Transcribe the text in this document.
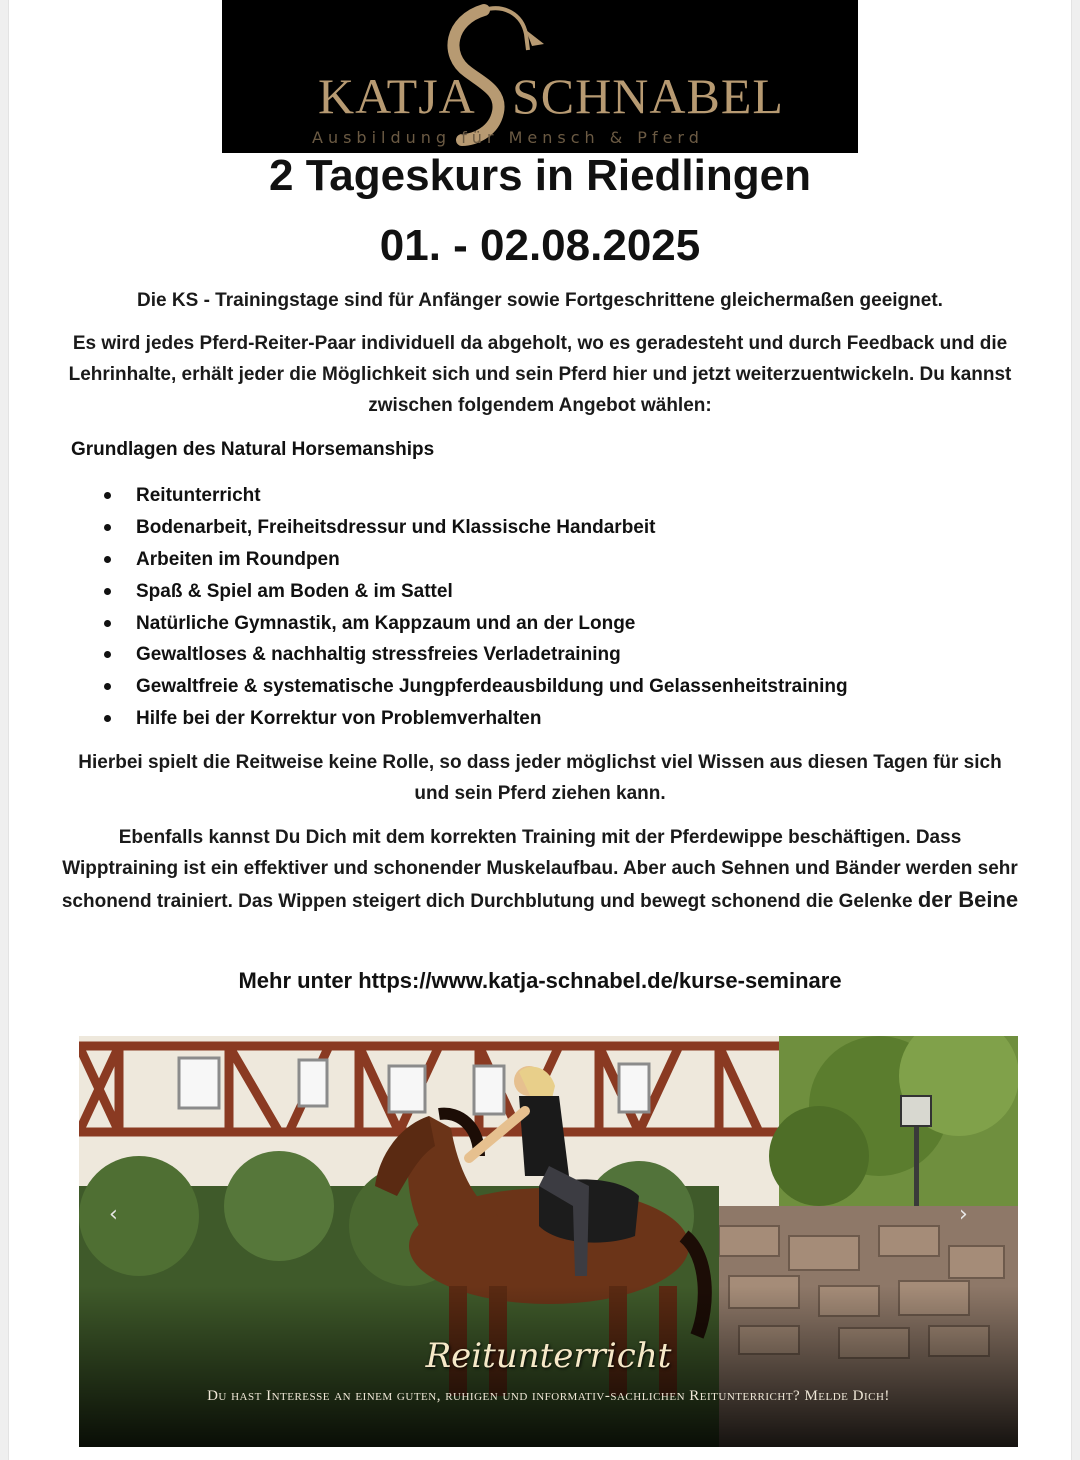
KATJA SCHNABEL
Ausbildung für Mensch & Pferd
2 Tageskurs in Riedlingen
01. - 02.08.2025
Die KS - Trainingstage sind für Anfänger sowie Fortgeschrittene gleichermaßen geeignet.
Es wird jedes Pferd-Reiter-Paar individuell da abgeholt, wo es geradesteht und durch Feedback und die Lehrinhalte, erhält jeder die Möglichkeit sich und sein Pferd hier und jetzt weiterzuentwickeln. Du kannst zwischen folgendem Angebot wählen:
Grundlagen des Natural Horsemanships
Reitunterricht
Bodenarbeit, Freiheitsdressur und Klassische Handarbeit
Arbeiten im Roundpen
Spaß & Spiel am Boden & im Sattel
Natürliche Gymnastik, am Kappzaum und an der Longe
Gewaltloses & nachhaltig stressfreies Verladetraining
Gewaltfreie & systematische Jungpferdeausbildung und Gelassenheitstraining
Hilfe bei der Korrektur von Problemverhalten
Hierbei spielt die Reitweise keine Rolle, so dass jeder möglichst viel Wissen aus diesen Tagen für sich und sein Pferd ziehen kann.
Ebenfalls kannst Du Dich mit dem korrekten Training mit der Pferdewippe beschäftigen. Dass Wipptraining ist ein effektiver und schonender Muskelaufbau. Aber auch Sehnen und Bänder werden sehr schonend trainiert. Das Wippen steigert dich Durchblutung und bewegt schonend die Gelenke der Beine
Mehr unter https://www.katja-schnabel.de/kurse-seminare
‹	›
Reitunterricht
Du hast Interesse an einem guten, ruhigen und informativ-sachlichen Reitunterricht? Melde Dich!
